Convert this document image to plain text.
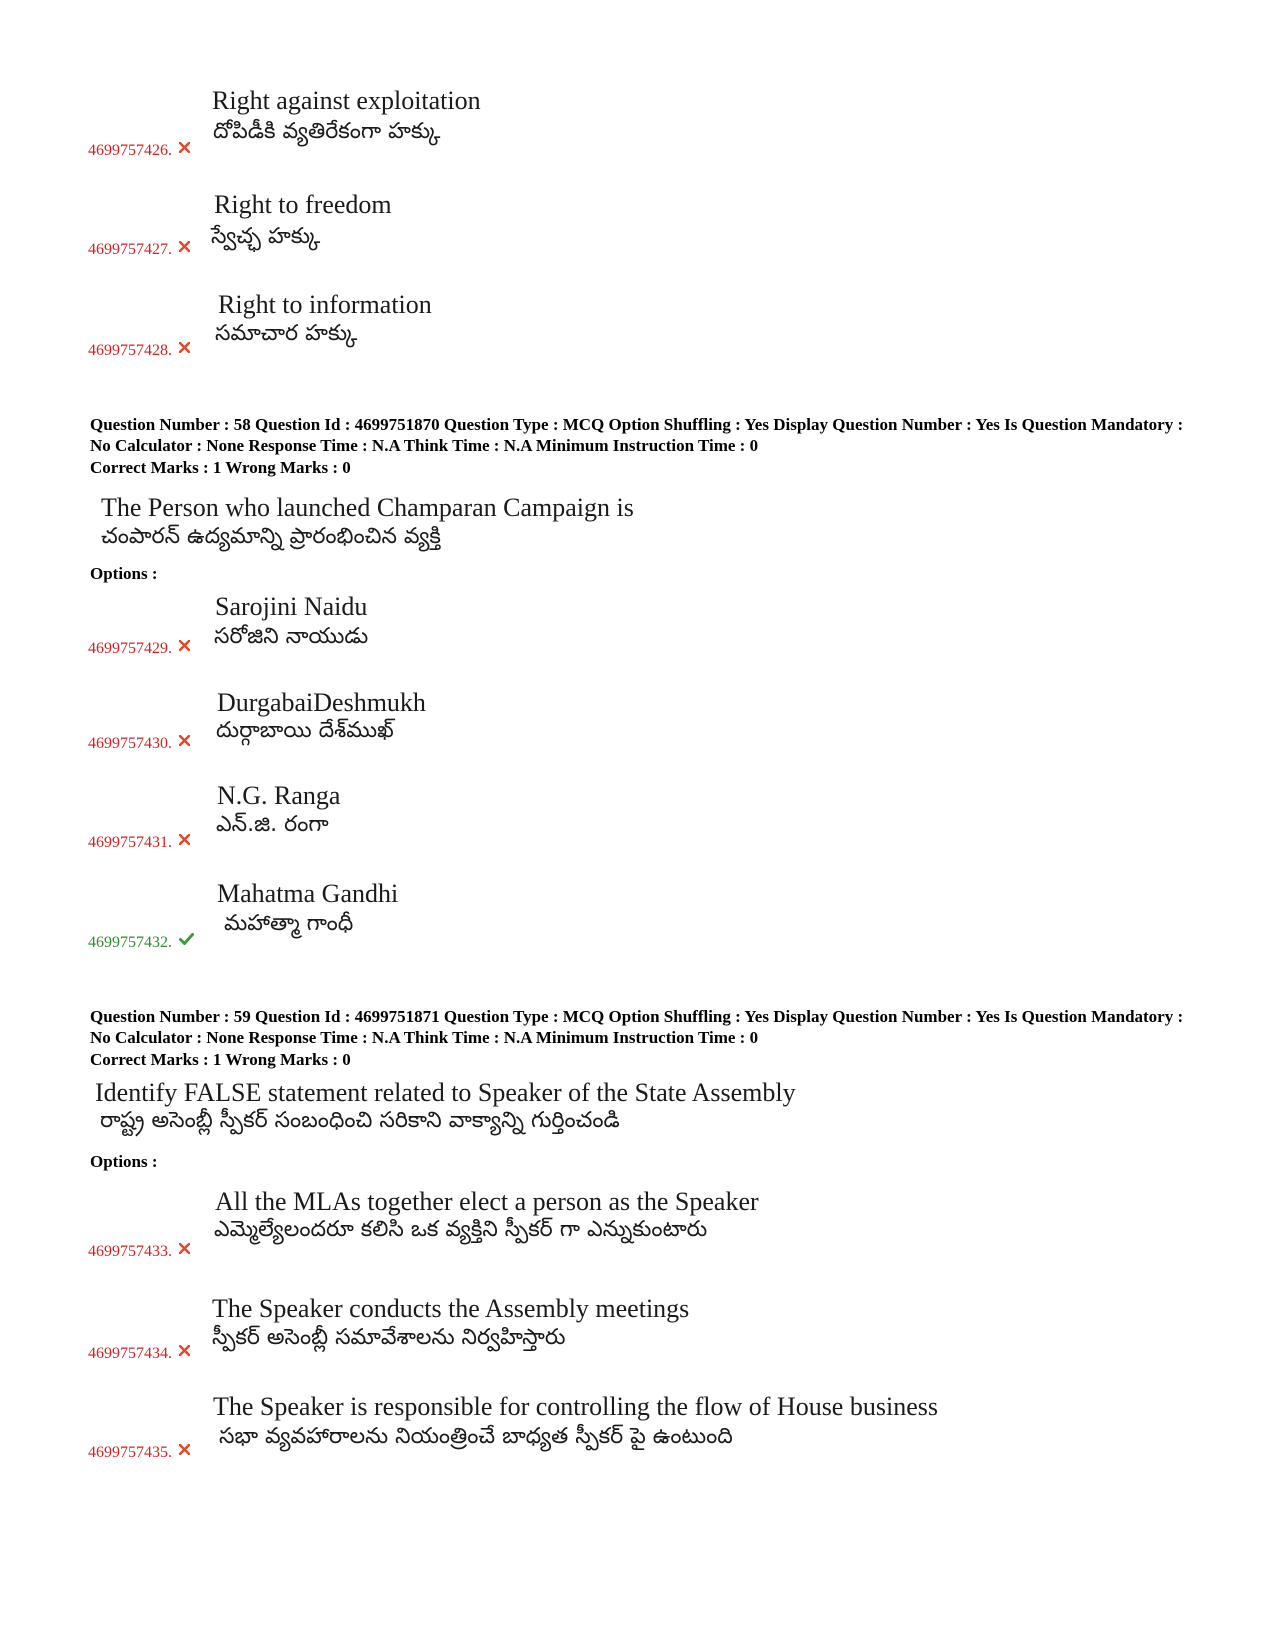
Right against exploitation
దోపిడీకి వ్యతిరేకంగా హక్కు
4699757426.
Right to freedom
స్వేచ్ఛ హక్కు
4699757427.
Right to information
సమాచార హక్కు
4699757428.
Question Number : 58 Question Id : 4699751870 Question Type : MCQ Option Shuffling : Yes Display Question Number : Yes Is Question Mandatory : No Calculator : None Response Time : N.A Think Time : N.A Minimum Instruction Time : 0
Correct Marks : 1 Wrong Marks : 0
The Person who launched Champaran Campaign is
చంపారన్ ఉద్యమాన్ని ప్రారంభించిన వ్యక్తి
Options :
Sarojini Naidu
సరోజిని నాయుడు
4699757429.
DurgabaiDeshmukh
దుర్గాబాయి దేశ్‌ముఖ్
4699757430.
N.G. Ranga
ఎన్.జి. రంగా
4699757431.
Mahatma Gandhi
మహాత్మా గాంధీ
4699757432.
Question Number : 59 Question Id : 4699751871 Question Type : MCQ Option Shuffling : Yes Display Question Number : Yes Is Question Mandatory : No Calculator : None Response Time : N.A Think Time : N.A Minimum Instruction Time : 0
Correct Marks : 1 Wrong Marks : 0
Identify FALSE statement related to Speaker of the State Assembly
రాష్ట్ర అసెంబ్లీ స్పీకర్ సంబంధించి సరికాని వాక్యాన్ని గుర్తించండి
Options :
All the MLAs together elect a person as the Speaker
ఎమ్మెల్యేలందరూ కలిసి ఒక వ్యక్తిని స్పీకర్ గా ఎన్నుకుంటారు
4699757433.
The Speaker conducts the Assembly meetings
స్పీకర్ అసెంబ్లీ సమావేశాలను నిర్వహిస్తారు
4699757434.
The Speaker is responsible for controlling the flow of House business
సభా వ్యవహారాలను నియంత్రించే బాధ్యత స్పీకర్ పై ఉంటుంది
4699757435.
